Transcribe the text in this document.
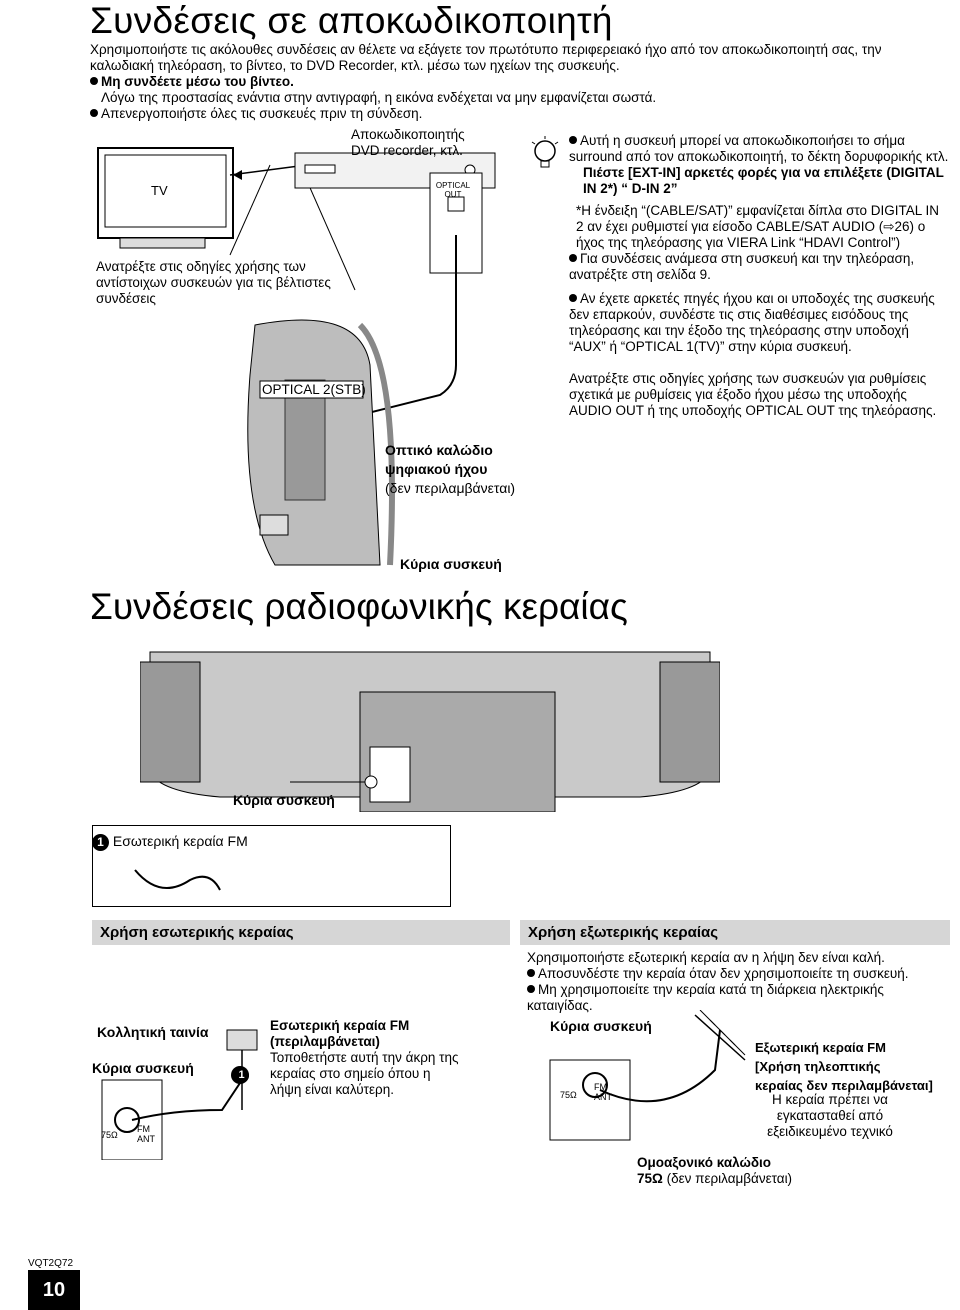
Συνδέσεις σε αποκωδικοποιητή

Χρησιμοποιήστε τις ακόλουθες συνδέσεις αν θέλετε να εξάγετε τον πρωτότυπο περιφερειακό ήχο από τον αποκωδικοποιητή σας, την καλωδιακή τηλεόραση, το βίντεο, το DVD Recorder, κτλ. μέσω των ηχείων της συσκευής.

Μη συνδέετε μέσω του βίντεο.

Λόγω της προστασίας ενάντια στην αντιγραφή, η εικόνα ενδέχεται να μην εμφανίζεται σωστά.

Απενεργοποιήστε όλες τις συσκευές πριν τη σύνδεση.

Αποκωδικοποιητής
DVD recorder, κτλ.
TV
Ανατρέξτε στις οδηγίες χρήσης των αντίστοιχων συσκευών για τις βέλτιστες συνδέσεις
OPTICAL
OUT
OPTICAL 2(STB)
Οπτικό καλώδιο
ψηφιακού ήχου
(δεν περιλαμβάνεται)
Κύρια συσκευή

Αυτή η συσκευή μπορεί να αποκωδικοποιήσει το σήμα surround από τον αποκωδικοποιητή, το δέκτη δορυφορικής κτλ.

Πιέστε [EXT-IN] αρκετές φορές για να επιλέξετε (DIGITAL IN 2*) “ D-IN 2”

*Η ένδειξη “(CABLE/SAT)” εμφανίζεται δίπλα στο DIGITAL IN 2 αν έχει ρυθμιστεί για είσοδο CABLE/SAT AUDIO (⇨26) ο ήχος της τηλεόρασης για VIERA Link “HDAVI Control”)

Για συνδέσεις ανάμεσα στη συσκευή και την τηλεόραση, ανατρέξτε στη σελίδα 9.

Αν έχετε αρκετές πηγές ήχου και οι υποδοχές της συσκευής δεν επαρκούν, συνδέστε τις στις διαθέσιμες εισόδους της τηλεόρασης και την έξοδο της τηλεόρασης στην υποδοχή “AUX” ή “OPTICAL 1(TV)” στην κύρια συσκευή.

Ανατρέξτε στις οδηγίες χρήσης των συσκευών για ρυθμίσεις σχετικά με ρυθμίσεις για έξοδο ήχου μέσω της υποδοχής AUDIO OUT ή της υποδοχής OPTICAL OUT της τηλεόρασης.

Συνδέσεις ραδιοφωνικής κεραίας
Κύρια συσκευή
1 Εσωτερική κεραία FM
Χρήση εσωτερικής κεραίας	Χρήση εξωτερικής κεραίας
Κολλητική ταινία
Κύρια συσκευή
75Ω
FM
ANT
1
Εσωτερική κεραία FM
(περιλαμβάνεται)
Τοποθετήστε αυτή την άκρη της κεραίας στο σημείο όπου η λήψη είναι καλύτερη.

Χρησιμοποιήστε εξωτερική κεραία αν η λήψη δεν είναι καλή.

Αποσυνδέστε την κεραία όταν δεν χρησιμοποιείτε τη συσκευή.

Μη χρησιμοποιείτε την κεραία κατά τη διάρκεια ηλεκτρικής καταιγίδας.

Κύρια συσκευή
75Ω
FM
ANT
Εξωτερική κεραία FM
[Χρήση τηλεοπτικής
κεραίας δεν περιλαμβάνεται]
Η κεραία πρέπει να εγκατασταθεί από εξειδικευμένο τεχνικό
Ομοαξονικό καλώδιο
75Ω (δεν περιλαμβάνεται)
VQT2Q72
10
